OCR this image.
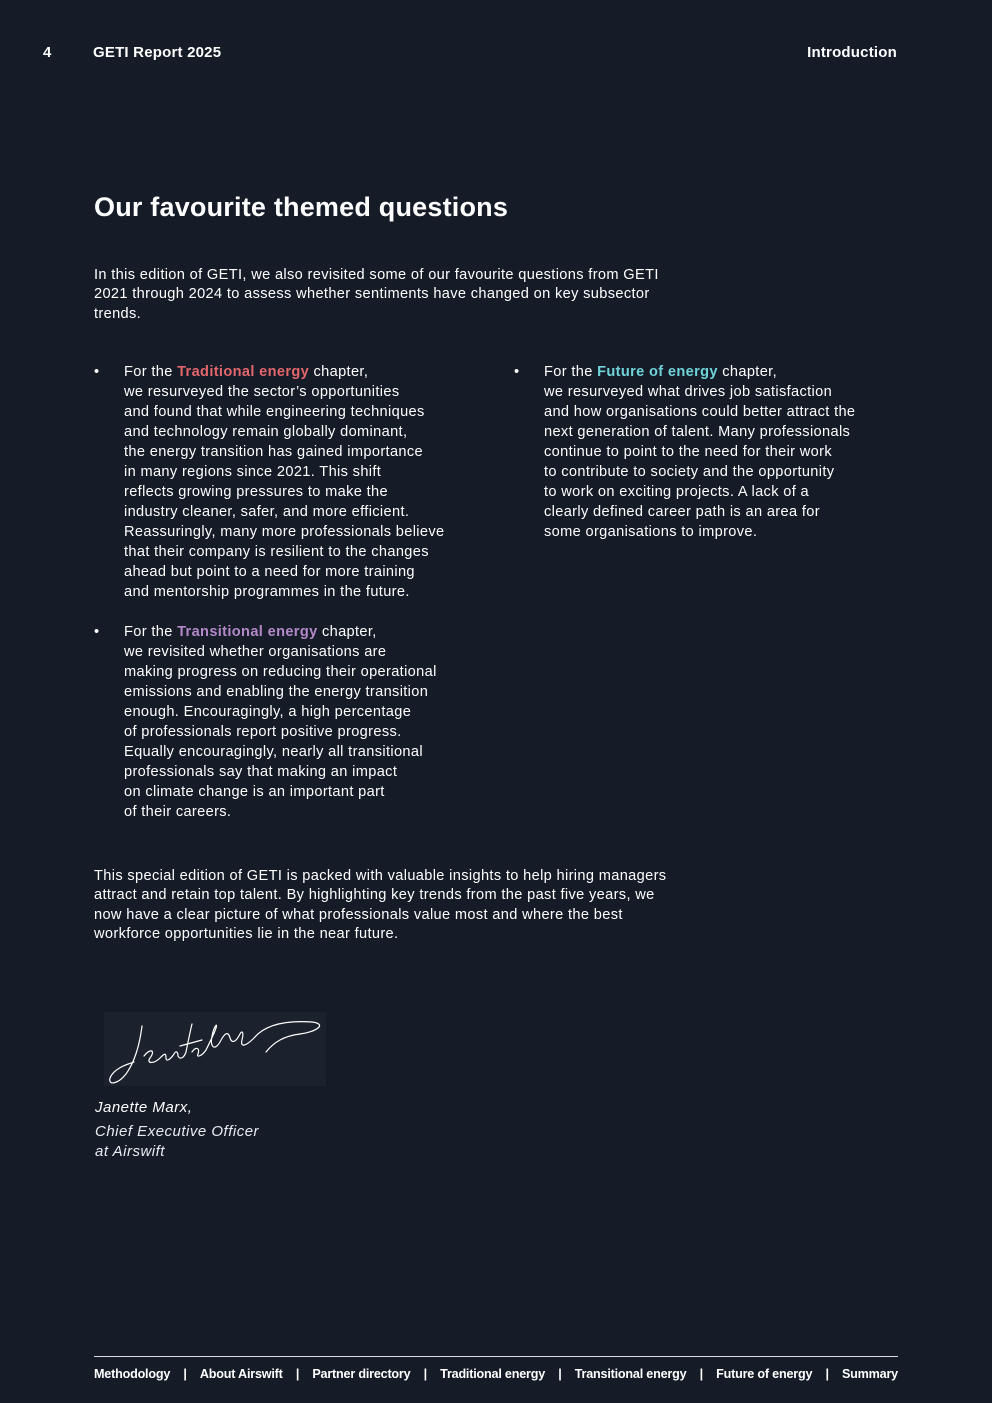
4	GETI Report 2025	Introduction
Our favourite themed questions

In this edition of GETI, we also revisited some of our favourite questions from GETI 2021 through 2024 to assess whether sentiments have changed on key subsector trends.

• For the Traditional energy chapter,
we resurveyed the sector’s opportunities
and found that while engineering techniques
and technology remain globally dominant,
the energy transition has gained importance
in many regions since 2021. This shift
reflects growing pressures to make the
industry cleaner, safer, and more efficient.
Reassuringly, many more professionals believe
that their company is resilient to the changes
ahead but point to a need for more training
and mentorship programmes in the future.
• For the Transitional energy chapter,
we revisited whether organisations are
making progress on reducing their operational
emissions and enabling the energy transition
enough. Encouragingly, a high percentage
of professionals report positive progress.
Equally encouragingly, nearly all transitional
professionals say that making an impact
on climate change is an important part
of their careers.
• For the Future of energy chapter,
we resurveyed what drives job satisfaction
and how organisations could better attract the
next generation of talent. Many professionals
continue to point to the need for their work
to contribute to society and the opportunity
to work on exciting projects. A lack of a
clearly defined career path is an area for
some organisations to improve.

This special edition of GETI is packed with valuable insights to help hiring managers attract and retain top talent. By highlighting key trends from the past five years, we now have a clear picture of what professionals value most and where the best workforce opportunities lie in the near future.

Janette Marx,
Chief Executive Officer
at Airswift
Methodology | About Airswift | Partner directory | Traditional energy | Transitional energy | Future of energy | Summary
